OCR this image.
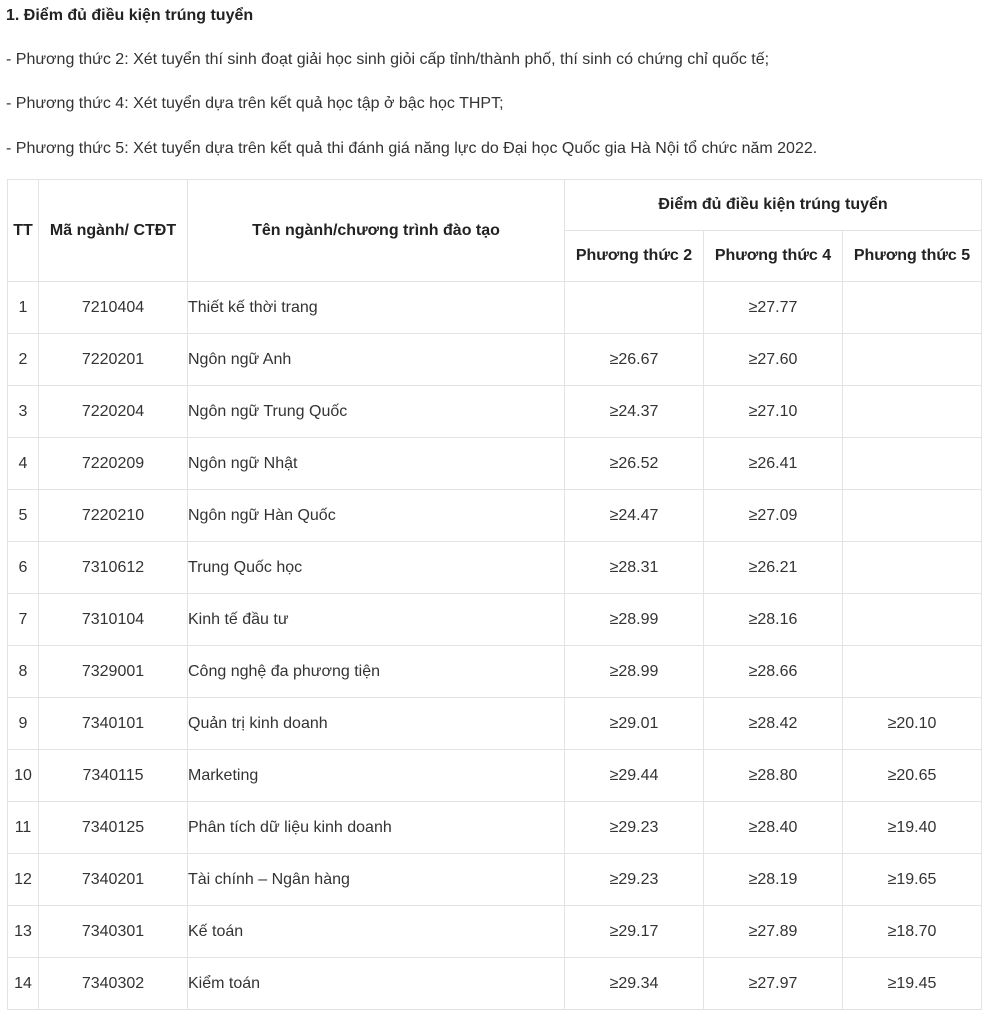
1. Điểm đủ điều kiện trúng tuyển

- Phương thức 2: Xét tuyển thí sinh đoạt giải học sinh giỏi cấp tỉnh/thành phố, thí sinh có chứng chỉ quốc tế;

- Phương thức 4: Xét tuyển dựa trên kết quả học tập ở bậc học THPT;

- Phương thức 5: Xét tuyển dựa trên kết quả thi đánh giá năng lực do Đại học Quốc gia Hà Nội tổ chức năm 2022.

TT	Mã ngành/ CTĐT	Tên ngành/chương trình đào tạo	Điểm đủ điều kiện trúng tuyển		
			Phương thức 2	Phương thức 4	Phương thức 5
1	7210404	Thiết kế thời trang		≥27.77	
2	7220201	Ngôn ngữ Anh	≥26.67	≥27.60	
3	7220204	Ngôn ngữ Trung Quốc	≥24.37	≥27.10	
4	7220209	Ngôn ngữ Nhật	≥26.52	≥26.41	
5	7220210	Ngôn ngữ Hàn Quốc	≥24.47	≥27.09	
6	7310612	Trung Quốc học	≥28.31	≥26.21	
7	7310104	Kinh tế đầu tư	≥28.99	≥28.16	
8	7329001	Công nghệ đa phương tiện	≥28.99	≥28.66	
9	7340101	Quản trị kinh doanh	≥29.01	≥28.42	≥20.10
10	7340115	Marketing	≥29.44	≥28.80	≥20.65
11	7340125	Phân tích dữ liệu kinh doanh	≥29.23	≥28.40	≥19.40
12	7340201	Tài chính – Ngân hàng	≥29.23	≥28.19	≥19.65
13	7340301	Kế toán	≥29.17	≥27.89	≥18.70
14	7340302	Kiểm toán	≥29.34	≥27.97	≥19.45
